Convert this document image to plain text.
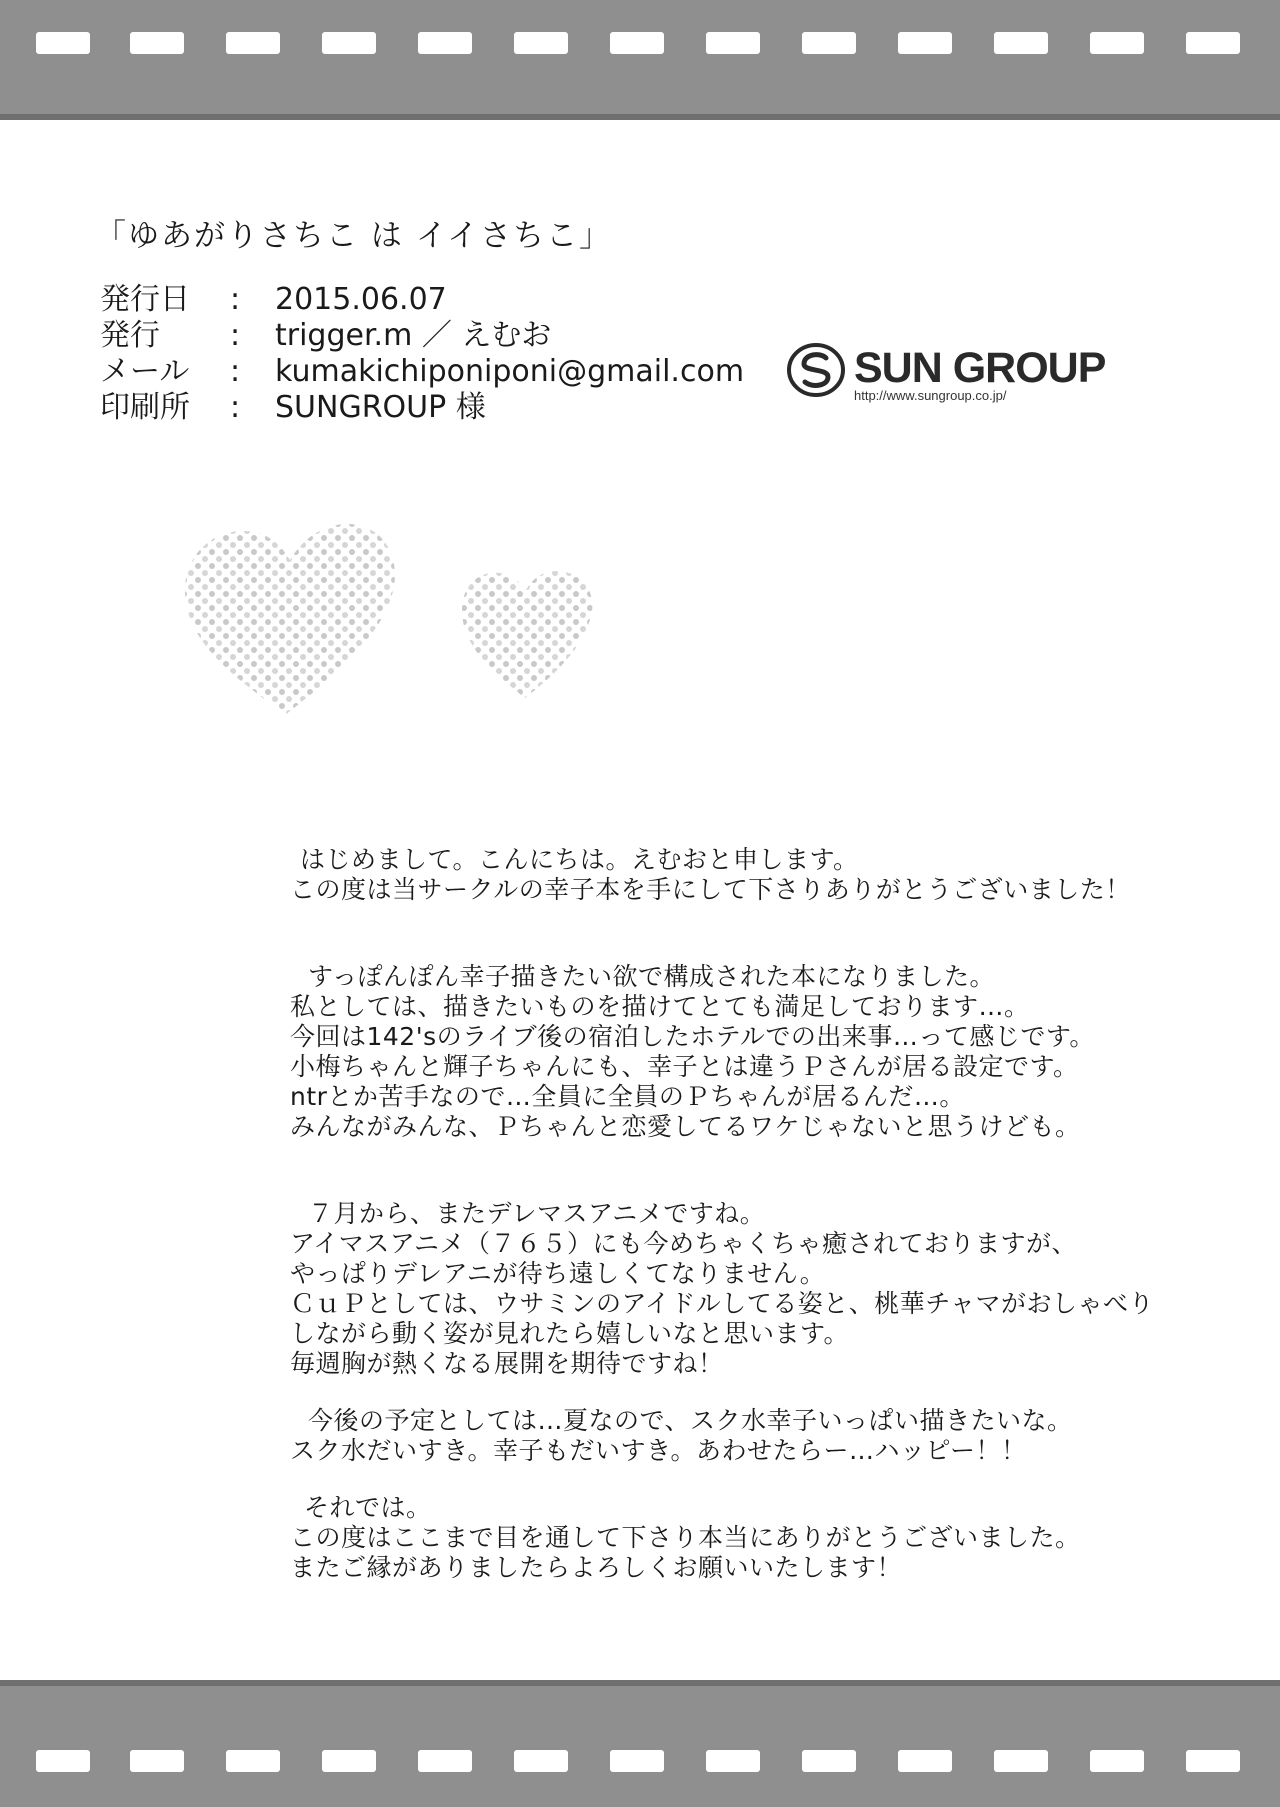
「ゆあがりさちこ は イイさちこ」
発行日 : 2015.06.07
発行 : trigger.m ／ えむお
メール : kumakichiponiponi@gmail.com
印刷所 : SUNGROUP 様
SUN GROUP
http://www.sungroup.co.jp/
はじめまして。こんにちは。えむおと申します。
この度は当サークルの幸子本を手にして下さりありがとうございました！
すっぽんぽん幸子描きたい欲で構成された本になりました。
私としては、描きたいものを描けてとても満足しております…。
今回は142'sのライブ後の宿泊したホテルでの出来事…って感じです。
小梅ちゃんと輝子ちゃんにも、幸子とは違うＰさんが居る設定です。
ntrとか苦手なので…全員に全員のＰちゃんが居るんだ…。
みんながみんな、Ｐちゃんと恋愛してるワケじゃないと思うけども。
７月から、またデレマスアニメですね。
アイマスアニメ（７６５）にも今めちゃくちゃ癒されておりますが、
やっぱりデレアニが待ち遠しくてなりません。
ＣｕＰとしては、ウサミンのアイドルしてる姿と、桃華チャマがおしゃべり
しながら動く姿が見れたら嬉しいなと思います。
毎週胸が熱くなる展開を期待ですね！
今後の予定としては…夏なので、スク水幸子いっぱい描きたいな。
スク水だいすき。幸子もだいすき。あわせたらー…ハッピー！！
それでは。
この度はここまで目を通して下さり本当にありがとうございました。
またご縁がありましたらよろしくお願いいたします！
